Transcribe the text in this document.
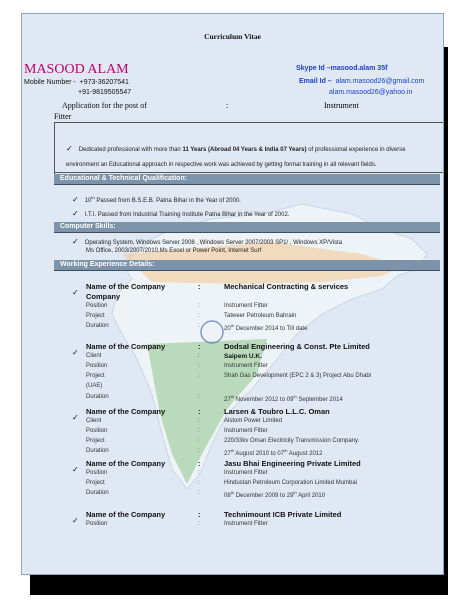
Curriculum Vitae
MASOOD ALAM
Mobile Number - +973-36207541
+91-9819505547
Skype Id –masood.alam 35f
Email Id – alam.masood26@gmail.com
alam.masood26@yahoo.in
Application for the post of	:	Instrument
Fitter
✓ Dedicated professional with more than 11 Years (Abroad 04 Years & India 07 Years) of professional experience in diverse environment an Educational approach in respective work was achieved by getting formal training in all relevant fields.
Educational & Technical Qualification:
✓ 10th Passed from B.S.E.B. Patna Bihar in the Year of 2000.
✓ I.T.I. Passed from Industrial Training Institute Patna Bihar in the Year of 2002.
Computer Skills:
✓ Operating System, Windows Server 2008 , Windows Server 2007/2003 SP1/ , Windows XP/Vista
Ms Office, 2003/2007/2010,Ms Excel or Power Point, Internet Surf
Working Experience Details:
✓
Name of the Company	:	Mechanical Contracting & services
Company
Position	:	Instrument Fitter
Project	:	Tatweer Petroleum Bahrain
Duration	:	20th December 2014 to Till date
✓
Name of the Company	:	Dodsal Engineering & Const. Pte Limited
Client	:	Saipem U.K.
Position	:	Instrument Fitter
Project	:	Shah Gas Development (EPC 2 & 3) Project Abu Dhabi
(UAE)
Duration	:	27th November 2012 to 09th September 2014
✓
Name of the Company	:	Larsen & Toubro L.L.C. Oman
Client	:	Alstom Power Limited
Position	:	Instrument Fitter
Project	:	220/33kv Oman Electricity Transmission Company.
Duration	:	27th August 2010 to 07th August 2012
✓
Name of the Company	:	Jasu Bhai Engineering Private Limited
Position	:	Instrument Fitter
Project	:	Hindustan Petroleum Corporation Limited Mumbai
Duration	:	08th December 2009 to 29th April 2010
✓
Name of the Company	:	Technimount ICB Private Limited
Position	:	Instrument Fitter
